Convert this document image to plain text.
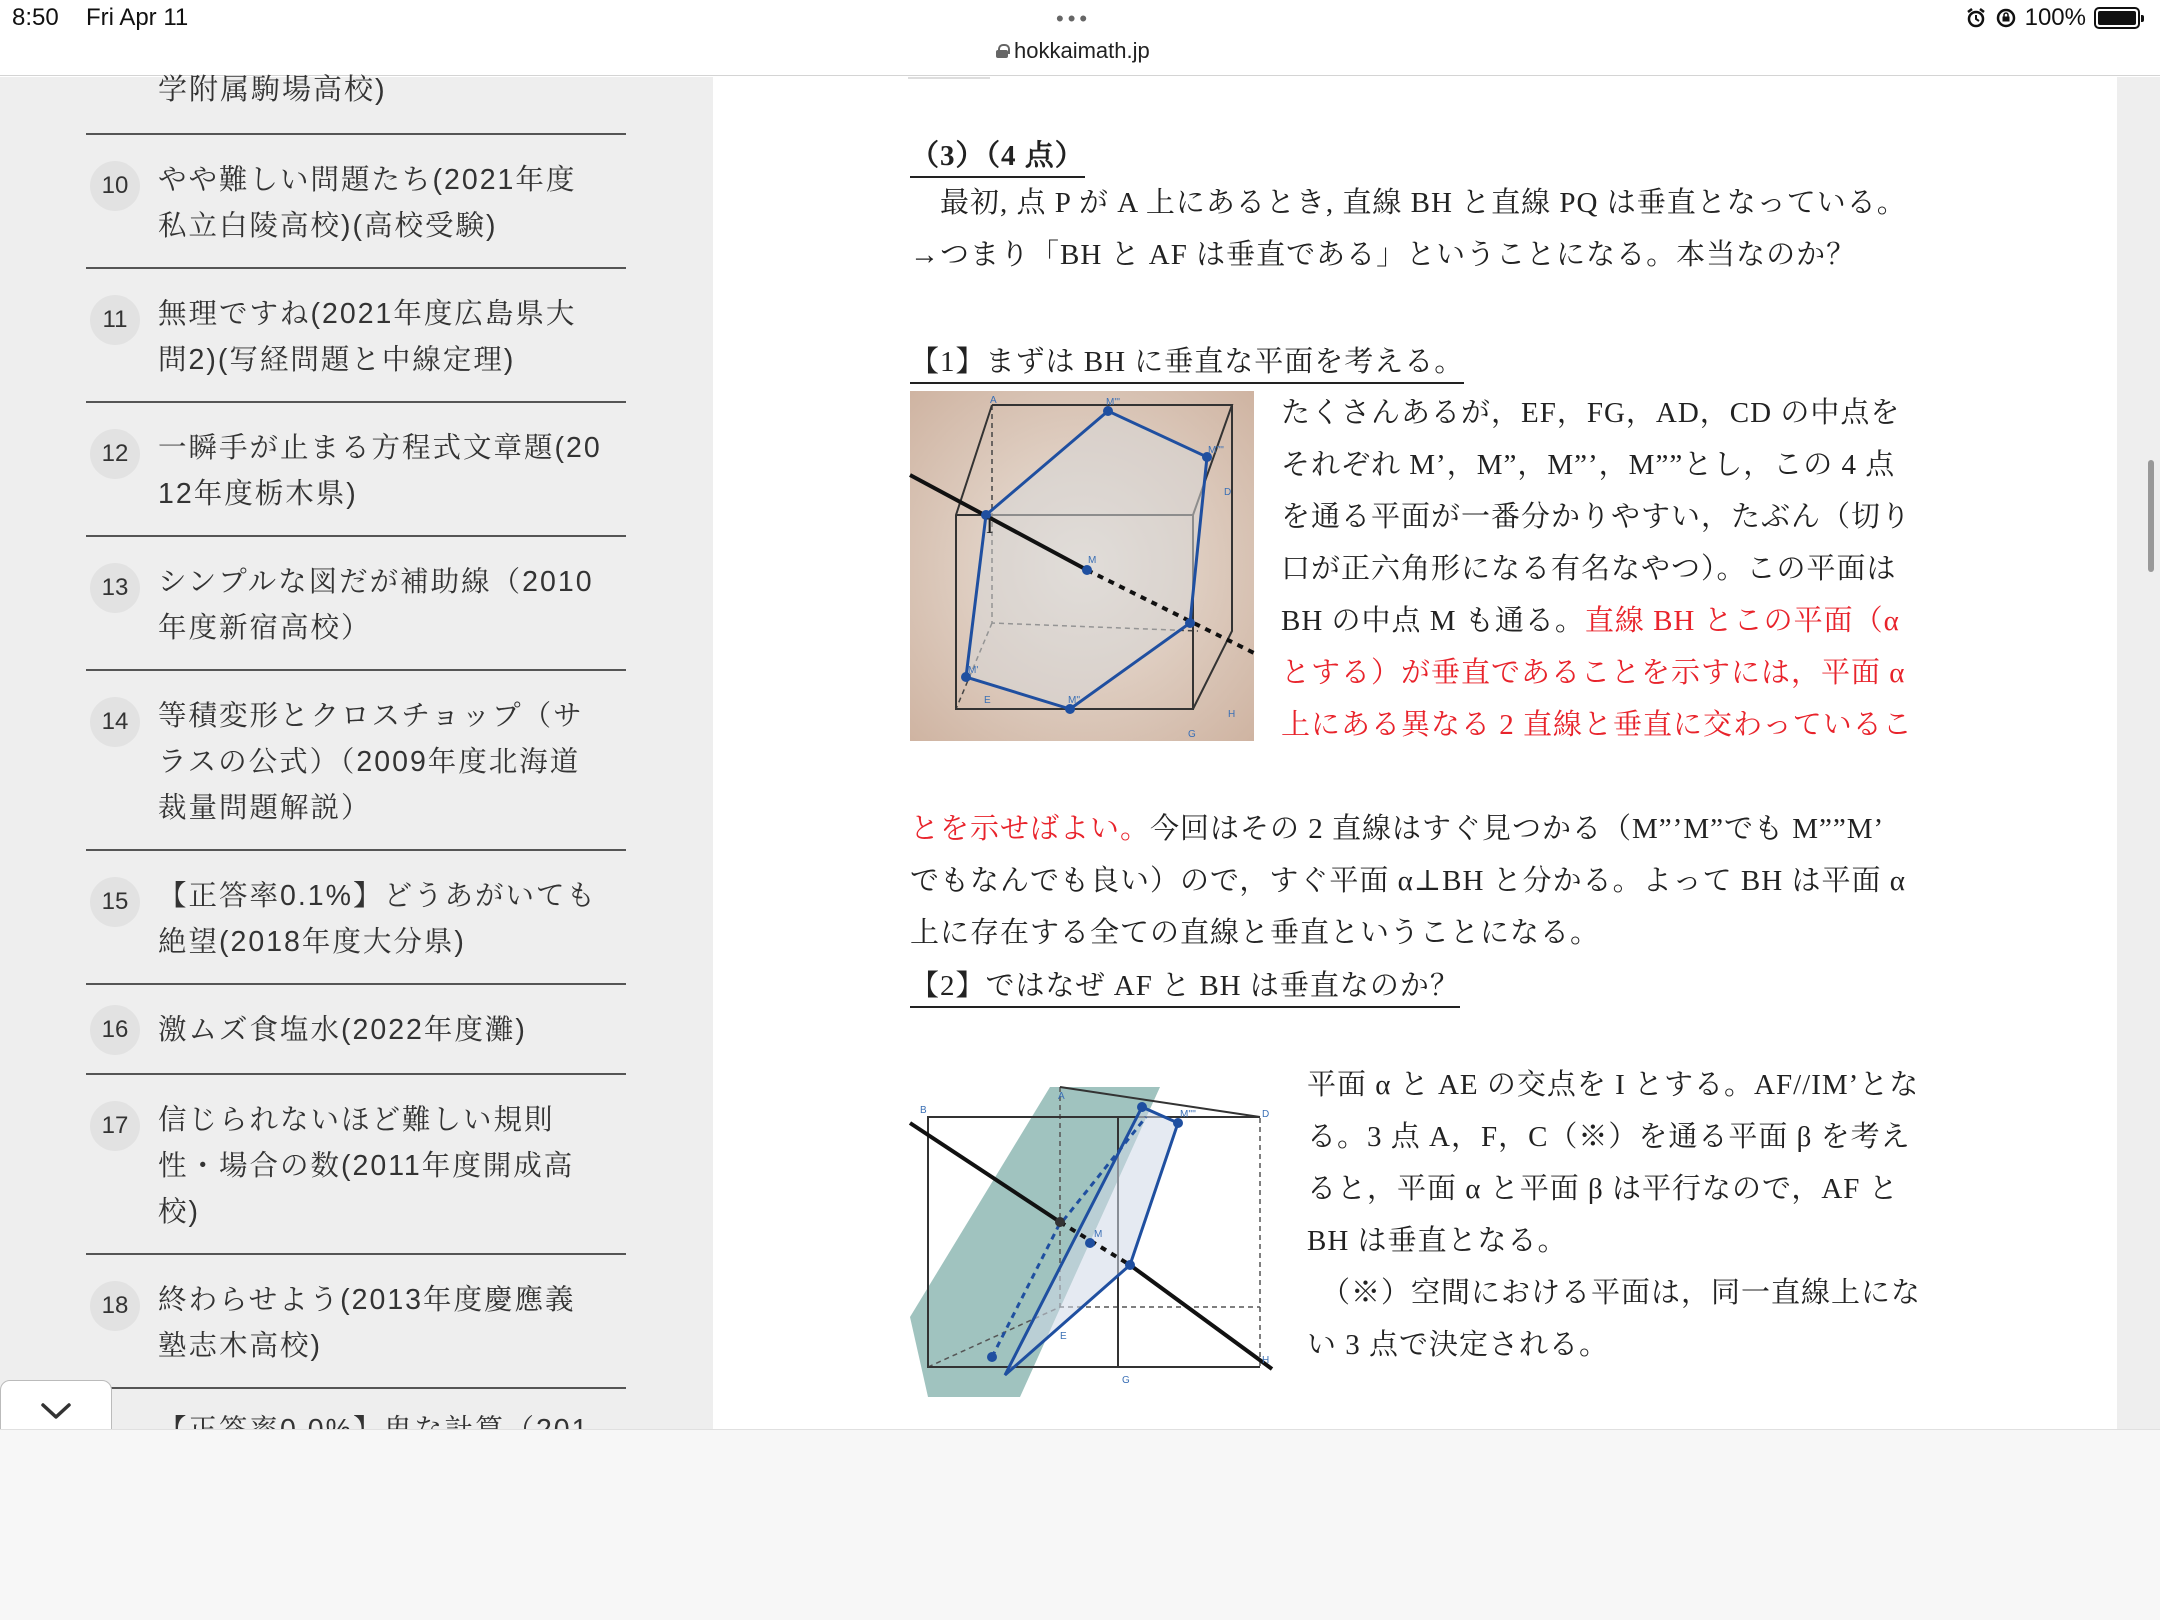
8:50 Fri Apr 11	•••
hokkaimath.jp
100%
学附属駒場高校)
10	やや難しい問題たち(2021年度
私立白陵高校)(高校受験)
11	無理ですね(2021年度広島県大
問2)(写経問題と中線定理)
12	一瞬手が止まる方程式文章題(20
12年度栃木県)
13	シンプルな図だが補助線（2010
年度新宿高校）
14	等積変形とクロスチョップ（サ
ラスの公式）（2009年度北海道
裁量問題解説）
15	【正答率0.1%】どうあがいても
絶望(2018年度大分県)
16	激ムズ食塩水(2022年度灘)
17	信じられないほど難しい規則
性・場合の数(2011年度開成高
校)
18	終わらせよう(2013年度慶應義
塾志木高校)
（3）（4 点）
最初, 点 P が A 上にあるとき, 直線 BH と直線 PQ は垂直となっている。
→つまり「BH と AF は垂直である」ということになる。本当なのか？
【1】まずは BH に垂直な平面を考える。
I
A	M'''
D
M''''
M
H
E
M'
M''
G
たくさんあるが，EF，FG，AD，CD の中点を
それぞれ M’，M”，M”’，M””とし，この 4 点
を通る平面が一番分かりやすい，たぶん（切り
口が正六角形になる有名なやつ）。この平面は
BH の中点 M も通る。直線 BH とこの平面（α
とする）が垂直であることを示すには，平面 α
上にある異なる 2 直線と垂直に交わっているこ
とを示せばよい。今回はその 2 直線はすぐ見つかる（M”’M”でも M””M’
でもなんでも良い）ので，すぐ平面 α⊥BH と分かる。よって BH は平面 α
上に存在する全ての直線と垂直ということになる。
【2】ではなぜ AF と BH は垂直なのか？
B
A
D
M''''
M
E
H
G
平面 α と AE の交点を I とする。AF//IM’とな
る。3 点 A，F，C（※）を通る平面 β を考え
ると，平面 α と平面 β は平行なので，AF と
BH は垂直となる。
（※）空間における平面は，同一直線上にな
い 3 点で決定される。
